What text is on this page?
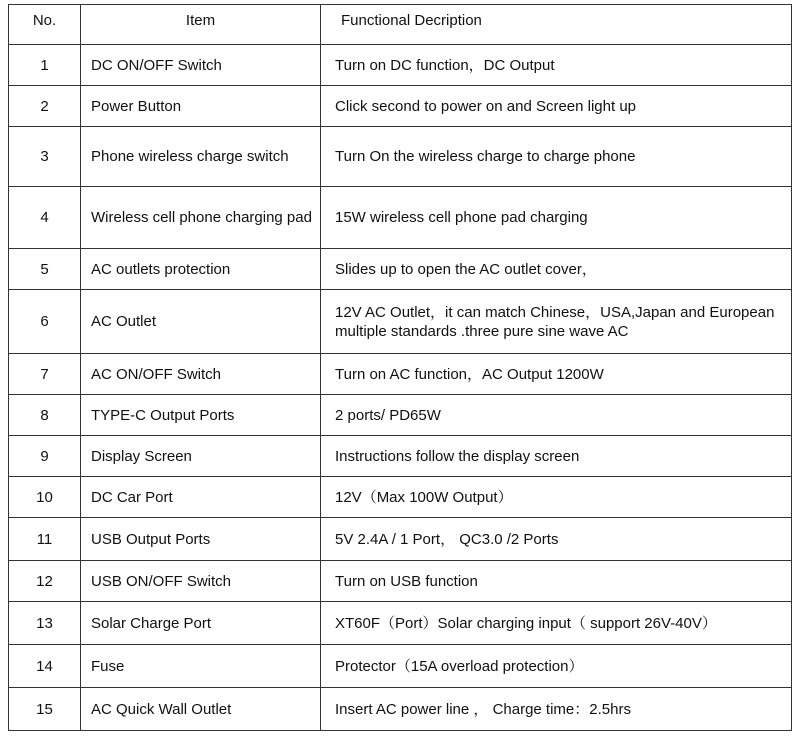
No.	Item	Functional Decription
1	DC ON/OFF Switch	Turn on DC function，DC Output
2	Power Button	Click second to power on and Screen light up
3	Phone wireless charge switch	Turn On the wireless charge to charge phone
4	Wireless cell phone charging pad	15W wireless cell phone pad charging
5	AC outlets protection	Slides up to open the AC outlet cover，
6	AC Outlet	12V AC Outlet，it can match Chinese，USA,Japan and European multiple standards .three pure sine wave AC
7	AC ON/OFF Switch	Turn on AC function，AC Output 1200W
8	TYPE-C Output Ports	2 ports/ PD65W
9	Display Screen	Instructions follow the display screen
10	DC Car Port	12V（Max 100W Output）
11	USB Output Ports	5V 2.4A / 1 Port， QC3.0 /2 Ports
12	USB ON/OFF Switch	Turn on USB function
13	Solar Charge Port	XT60F（Port）Solar charging input（ support 26V-40V）
14	Fuse	Protector（15A overload protection）
15	AC Quick Wall Outlet	Insert AC power line ， Charge time：2.5hrs
